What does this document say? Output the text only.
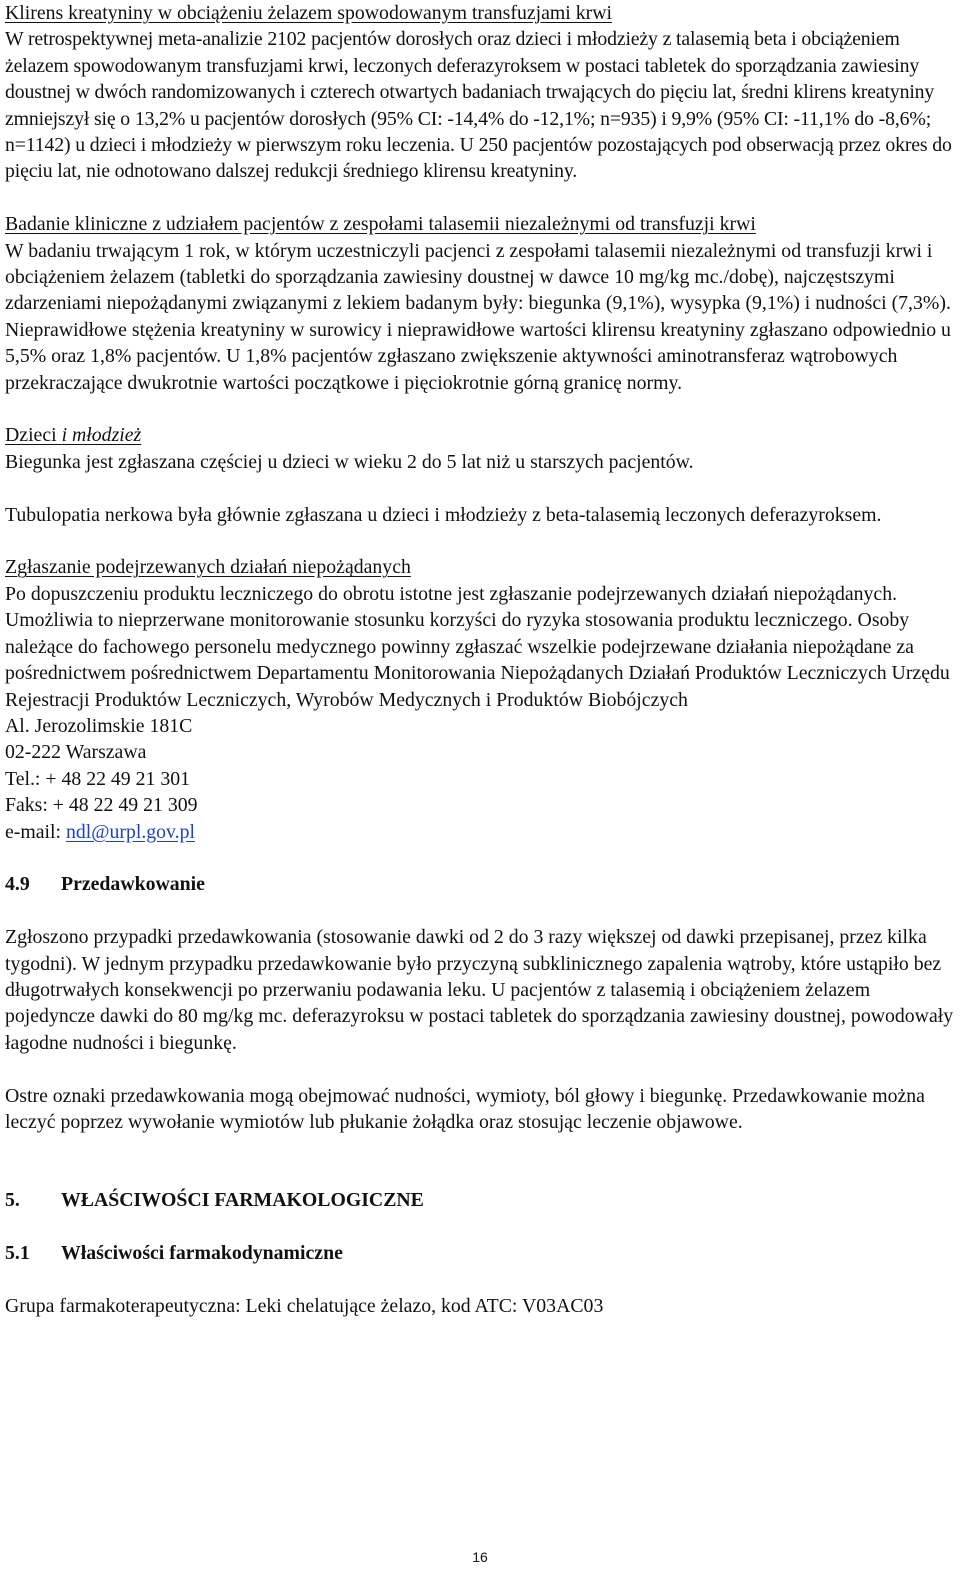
Klirens kreatyniny w obciążeniu żelazem spowodowanym transfuzjami krwi

W retrospektywnej meta-analizie 2102 pacjentów dorosłych oraz dzieci i młodzieży z talasemią beta i obciążeniem żelazem spowodowanym transfuzjami krwi, leczonych deferazyroksem w postaci tabletek do sporządzania zawiesiny doustnej w dwóch randomizowanych i czterech otwartych badaniach trwających do pięciu lat, średni klirens kreatyniny zmniejszył się o 13,2% u pacjentów dorosłych (95% CI: -14,4% do -12,1%; n=935) i 9,9% (95% CI: -11,1% do -8,6%; n=1142) u dzieci i młodzieży w pierwszym roku leczenia. U 250 pacjentów pozostających pod obserwacją przez okres do pięciu lat, nie odnotowano dalszej redukcji średniego klirensu kreatyniny.

Badanie kliniczne z udziałem pacjentów z zespołami talasemii niezależnymi od transfuzji krwi

W badaniu trwającym 1 rok, w którym uczestniczyli pacjenci z zespołami talasemii niezależnymi od transfuzji krwi i obciążeniem żelazem (tabletki do sporządzania zawiesiny doustnej w dawce 10 mg/kg mc./dobę), najczęstszymi zdarzeniami niepożądanymi związanymi z lekiem badanym były: biegunka (9,1%), wysypka (9,1%) i nudności (7,3%). Nieprawidłowe stężenia kreatyniny w surowicy i nieprawidłowe wartości klirensu kreatyniny zgłaszano odpowiednio u 5,5% oraz 1,8% pacjentów. U 1,8% pacjentów zgłaszano zwiększenie aktywności aminotransferaz wątrobowych przekraczające dwukrotnie wartości początkowe i pięciokrotnie górną granicę normy.

Dzieci i młodzież

Biegunka jest zgłaszana częściej u dzieci w wieku 2 do 5 lat niż u starszych pacjentów.

Tubulopatia nerkowa była głównie zgłaszana u dzieci i młodzieży z beta-talasemią leczonych deferazyroksem.

Zgłaszanie podejrzewanych działań niepożądanych

Po dopuszczeniu produktu leczniczego do obrotu istotne jest zgłaszanie podejrzewanych działań niepożądanych. Umożliwia to nieprzerwane monitorowanie stosunku korzyści do ryzyka stosowania produktu leczniczego. Osoby należące do fachowego personelu medycznego powinny zgłaszać wszelkie podejrzewane działania niepożądane za pośrednictwem pośrednictwem Departamentu Monitorowania Niepożądanych Działań Produktów Leczniczych Urzędu Rejestracji Produktów Leczniczych, Wyrobów Medycznych i Produktów Biobójczych

Al. Jerozolimskie 181C

02-222 Warszawa

Tel.: + 48 22 49 21 301

Faks: + 48 22 49 21 309

e-mail: ndl@urpl.gov.pl

4.9	Przedawkowanie

Zgłoszono przypadki przedawkowania (stosowanie dawki od 2 do 3 razy większej od dawki przepisanej, przez kilka tygodni). W jednym przypadku przedawkowanie było przyczyną subklinicznego zapalenia wątroby, które ustąpiło bez długotrwałych konsekwencji po przerwaniu podawania leku. U pacjentów z talasemią i obciążeniem żelazem pojedyncze dawki do 80 mg/kg mc. deferazyroksu w postaci tabletek do sporządzania zawiesiny doustnej, powodowały łagodne nudności i biegunkę.

Ostre oznaki przedawkowania mogą obejmować nudności, wymioty, ból głowy i biegunkę. Przedawkowanie można leczyć poprzez wywołanie wymiotów lub płukanie żołądka oraz stosując leczenie objawowe.

5.	WŁAŚCIWOŚCI FARMAKOLOGICZNE

5.1	Właściwości farmakodynamiczne

Grupa farmakoterapeutyczna: Leki chelatujące żelazo, kod ATC: V03AC03

16
